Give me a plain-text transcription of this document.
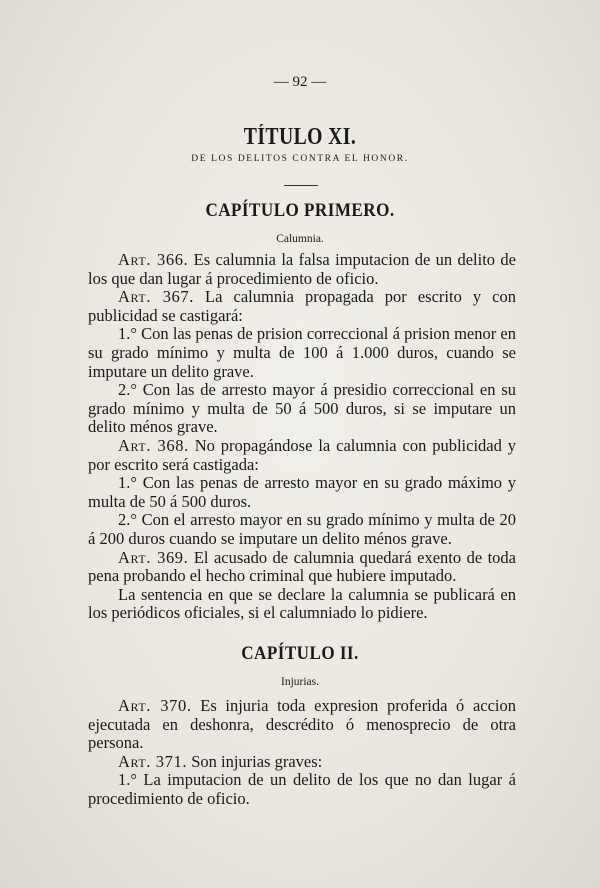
— 92 —
TÍTULO XI.
DE LOS DELITOS CONTRA EL HONOR.
CAPÍTULO PRIMERO.
Calumnia.

Art. 366. Es calumnia la falsa imputacion de un delito de los que dan lugar á procedimiento de oficio.

Art. 367. La calumnia propagada por escrito y con publicidad se castigará:

1.° Con las penas de prision correccional á prision menor en su grado mínimo y multa de 100 á 1.000 duros, cuando se imputare un delito grave.

2.° Con las de arresto mayor á presidio correccional en su grado mínimo y multa de 50 á 500 duros, si se imputare un delito ménos grave.

Art. 368. No propagándose la calumnia con publicidad y por escrito será castigada:

1.° Con las penas de arresto mayor en su grado máximo y multa de 50 á 500 duros.

2.° Con el arresto mayor en su grado mínimo y multa de 20 á 200 duros cuando se imputare un delito ménos grave.

Art. 369. El acusado de calumnia quedará exento de toda pena probando el hecho criminal que hubiere imputado.

La sentencia en que se declare la calumnia se publicará en los periódicos oficiales, si el calumniado lo pidiere.

CAPÍTULO II.
Injurias.

Art. 370. Es injuria toda expresion proferida ó accion ejecutada en deshonra, descrédito ó menosprecio de otra persona.

Art. 371. Son injurias graves:

1.° La imputacion de un delito de los que no dan lugar á procedimiento de oficio.
